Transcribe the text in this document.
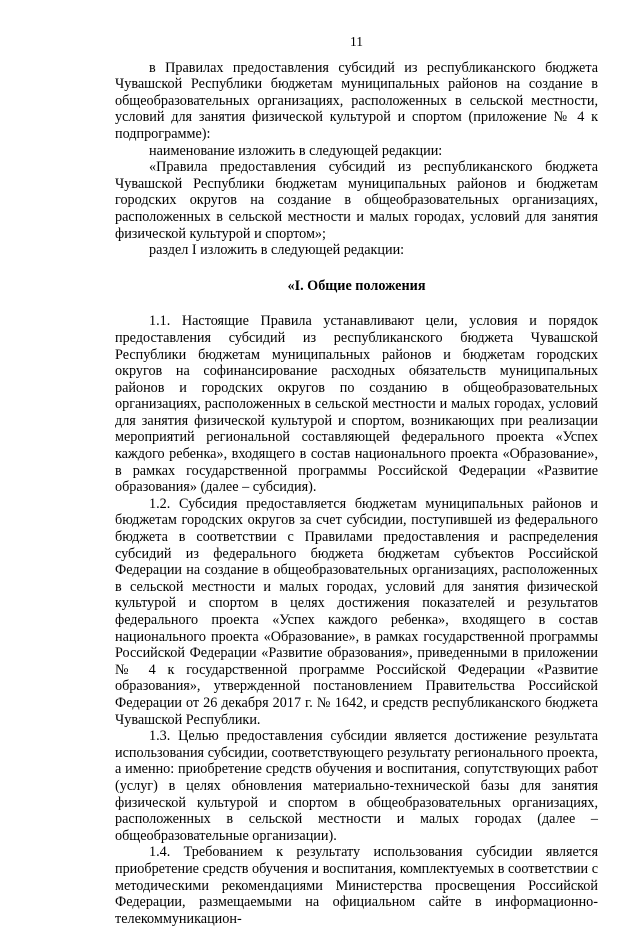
11

в Правилах предоставления субсидий из республиканского бюджета Чувашской Республики бюджетам муниципальных районов на создание в общеобразовательных организациях, расположенных в сельской местности, условий для занятия физической культурой и спортом (приложение № 4 к подпрограмме):

наименование изложить в следующей редакции:

«Правила предоставления субсидий из республиканского бюджета Чувашской Республики бюджетам муниципальных районов и бюджетам городских округов на создание в общеобразовательных организациях, расположенных в сельской местности и малых городах, условий для занятия физической культурой и спортом»;

раздел I изложить в следующей редакции:

«I. Общие положения

1.1. Настоящие Правила устанавливают цели, условия и порядок предоставления субсидий из республиканского бюджета Чувашской Республики бюджетам муниципальных районов и бюджетам городских округов на софинансирование расходных обязательств муниципальных районов и городских округов по созданию в общеобразовательных организациях, расположенных в сельской местности и малых городах, условий для занятия физической культурой и спортом, возникающих при реализации мероприятий региональной составляющей федерального проекта «Успех каждого ребенка», входящего в состав национального проекта «Образование», в рамках государственной программы Российской Федерации «Развитие образования» (далее – субсидия).

1.2. Субсидия предоставляется бюджетам муниципальных районов и бюджетам городских округов за счет субсидии, поступившей из федерального бюджета в соответствии с Правилами предоставления и распределения субсидий из федерального бюджета бюджетам субъектов Российской Федерации на создание в общеобразовательных организациях, расположенных в сельской местности и малых городах, условий для занятия физической культурой и спортом в целях достижения показателей и результатов федерального проекта «Успех каждого ребенка», входящего в состав национального проекта «Образование», в рамках государственной программы Российской Федерации «Развитие образования», приведенными в приложении № 4 к государственной программе Российской Федерации «Развитие образования», утвержденной постановлением Правительства Российской Федерации от 26 декабря 2017 г. № 1642, и средств республиканского бюджета Чувашской Республики.

1.3. Целью предоставления субсидии является достижение результата использования субсидии, соответствующего результату регионального проекта, а именно: приобретение средств обучения и воспитания, сопутствующих работ (услуг) в целях обновления материально-технической базы для занятия физической культурой и спортом в общеобразовательных организациях, расположенных в сельской местности и малых городах (далее – общеобразовательные организации).

1.4. Требованием к результату использования субсидии является приобретение средств обучения и воспитания, комплектуемых в соответствии с методическими рекомендациями Министерства просвещения Российской Федерации, размещаемыми на официальном сайте в информационно-телекоммуникацион-
